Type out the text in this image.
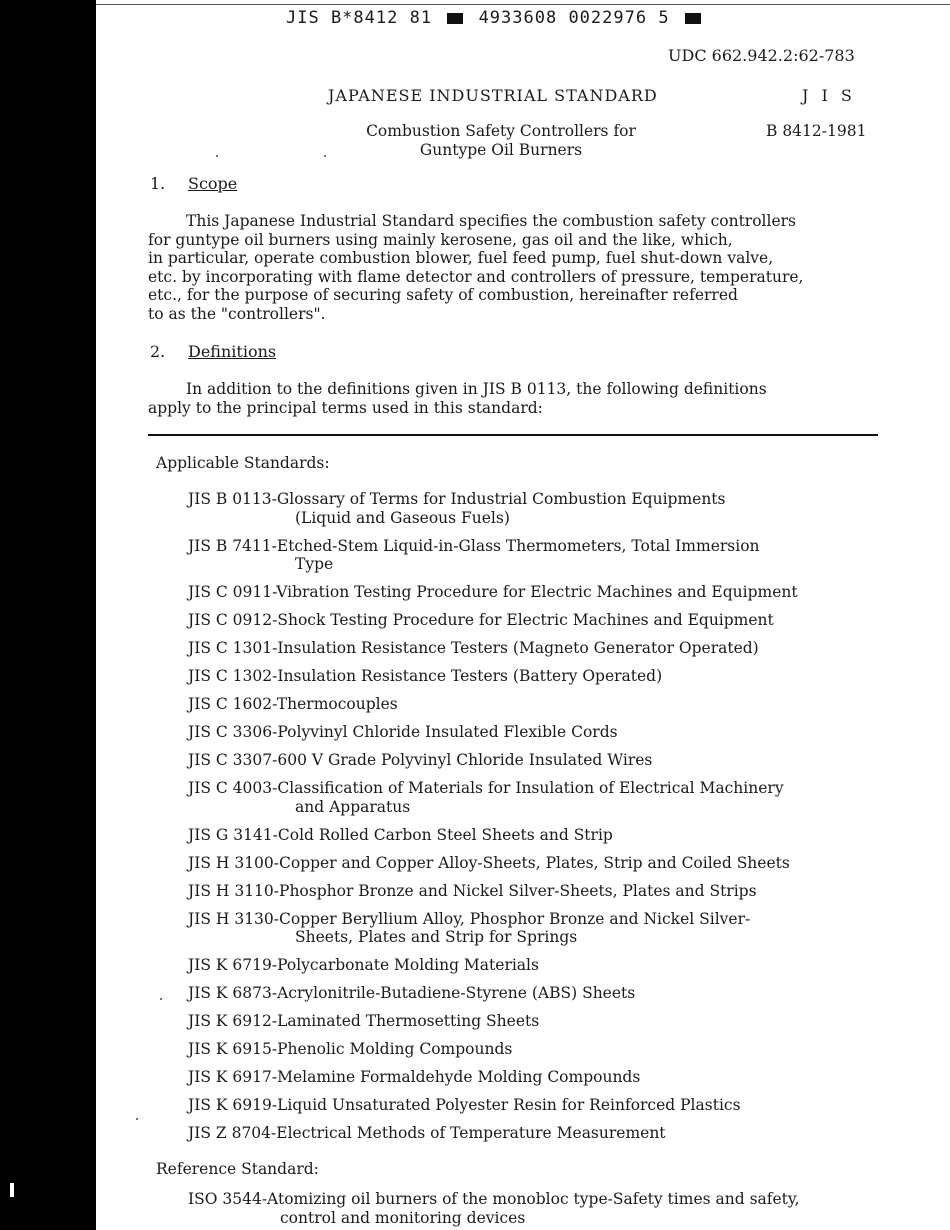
JIS B*8412 81	4933608 0022976 5
UDC 662.942.2:62-783
JAPANESE INDUSTRIAL STANDARD	J I S
Combustion Safety Controllers for
Guntype Oil Burners
B 8412-1981
1. Scope
This Japanese Industrial Standard specifies the combustion safety controllers
for guntype oil burners using mainly kerosene, gas oil and the like, which,
in particular, operate combustion blower, fuel feed pump, fuel shut-down valve,
etc. by incorporating with flame detector and controllers of pressure, temperature,
etc., for the purpose of securing safety of combustion, hereinafter referred
to as the "controllers".
2. Definitions
In addition to the definitions given in JIS B 0113, the following definitions
apply to the principal terms used in this standard:
Applicable Standards:
JIS B 0113-Glossary of Terms for Industrial Combustion Equipments
(Liquid and Gaseous Fuels)
JIS B 7411-Etched-Stem Liquid-in-Glass Thermometers, Total Immersion
Type
JIS C 0911-Vibration Testing Procedure for Electric Machines and Equipment
JIS C 0912-Shock Testing Procedure for Electric Machines and Equipment
JIS C 1301-Insulation Resistance Testers (Magneto Generator Operated)
JIS C 1302-Insulation Resistance Testers (Battery Operated)
JIS C 1602-Thermocouples
JIS C 3306-Polyvinyl Chloride Insulated Flexible Cords
JIS C 3307-600 V Grade Polyvinyl Chloride Insulated Wires
JIS C 4003-Classification of Materials for Insulation of Electrical Machinery
and Apparatus
JIS G 3141-Cold Rolled Carbon Steel Sheets and Strip
JIS H 3100-Copper and Copper Alloy-Sheets, Plates, Strip and Coiled Sheets
JIS H 3110-Phosphor Bronze and Nickel Silver-Sheets, Plates and Strips
JIS H 3130-Copper Beryllium Alloy, Phosphor Bronze and Nickel Silver-
Sheets, Plates and Strip for Springs
JIS K 6719-Polycarbonate Molding Materials
JIS K 6873-Acrylonitrile-Butadiene-Styrene (ABS) Sheets
JIS K 6912-Laminated Thermosetting Sheets
JIS K 6915-Phenolic Molding Compounds
JIS K 6917-Melamine Formaldehyde Molding Compounds
JIS K 6919-Liquid Unsaturated Polyester Resin for Reinforced Plastics
JIS Z 8704-Electrical Methods of Temperature Measurement
Reference Standard:
ISO 3544-Atomizing oil burners of the monobloc type-Safety times and safety,
control and monitoring devices
